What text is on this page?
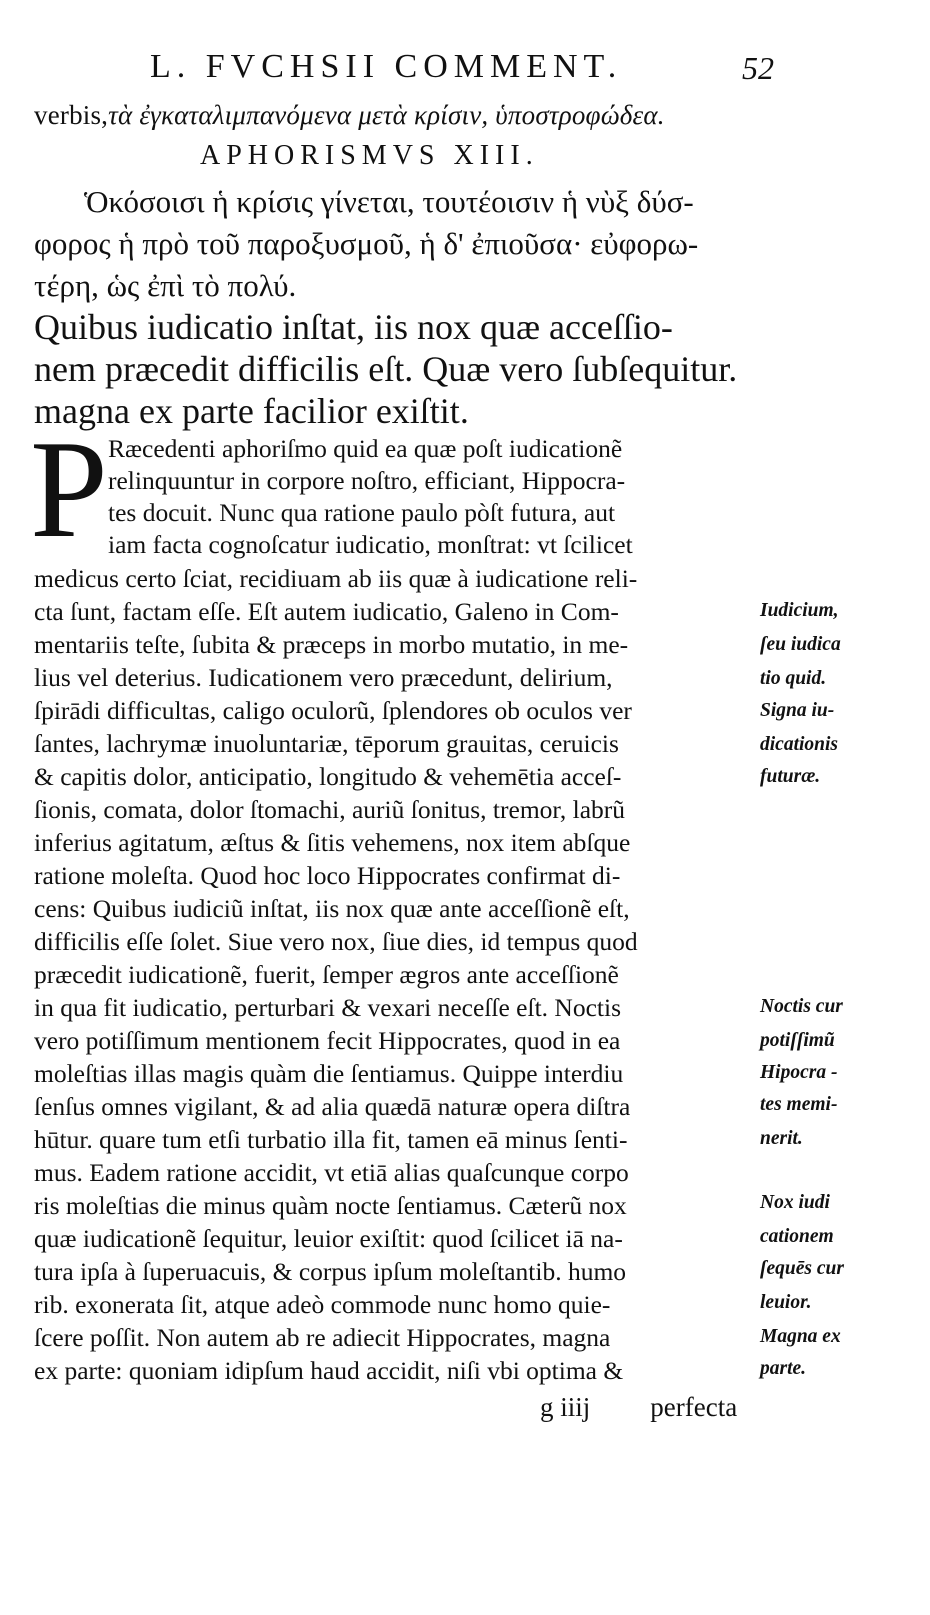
L. FVCHSII COMMENT.	52
verbis,τὰ ἐγκαταλιμπανόμενα μετὰ κρίσιν, ὑποστροφώδεα.
APHORISMVS XIII.
Ὁκόσοισι ἡ κρίσις γίνεται, τουτέοισιν ἡ νὺξ δύσ-
φορος ἡ πρὸ τοῦ παροξυσμοῦ, ἡ δ' ἐπιοῦσα· εὐφορω-
τέρη, ὡς ἐπὶ τὸ πολύ.
Quibus iudicatio inſtat, iis nox quæ acceſſio-
nem præcedit difficilis eſt. Quæ vero ſubſequitur.
magna ex parte facilior exiſtit.
P Ræcedenti aphoriſmo quid ea quæ poſt iudicationẽ
relinquuntur in corpore noſtro, efficiant, Hippocra-
tes docuit. Nunc qua ratione paulo pòſt futura, aut
iam facta cognoſcatur iudicatio, monſtrat: vt ſcilicet
medicus certo ſciat, recidiuam ab iis quæ à iudicatione reli-
cta ſunt, factam eſſe. Eſt autem iudicatio, Galeno in Com-
mentariis teſte, ſubita & præceps in morbo mutatio, in me-
lius vel deterius. Iudicationem vero præcedunt, delirium,
ſpirādi difficultas, caligo oculorũ, ſplendores ob oculos ver
ſantes, lachrymæ inuoluntariæ, tēporum grauitas, ceruicis
& capitis dolor, anticipatio, longitudo & vehemētia acceſ-
ſionis, comata, dolor ſtomachi, auriũ ſonitus, tremor, labrũ
inferius agitatum, æſtus & ſitis vehemens, nox item abſque
ratione moleſta. Quod hoc loco Hippocrates confirmat di-
cens: Quibus iudiciũ inſtat, iis nox quæ ante acceſſionẽ eſt,
difficilis eſſe ſolet. Siue vero nox, ſiue dies, id tempus quod
præcedit iudicationẽ, fuerit, ſemper ægros ante acceſſionẽ
in qua fit iudicatio, perturbari & vexari neceſſe eſt. Noctis
vero potiſſimum mentionem fecit Hippocrates, quod in ea
moleſtias illas magis quàm die ſentiamus. Quippe interdiu
ſenſus omnes vigilant, & ad alia quædā naturæ opera diſtra
hūtur. quare tum etſi turbatio illa fit, tamen eā minus ſenti-
mus. Eadem ratione accidit, vt etiā alias quaſcunque corpo
ris moleſtias die minus quàm nocte ſentiamus. Cæterũ nox
quæ iudicationẽ ſequitur, leuior exiſtit: quod ſcilicet iā na-
tura ipſa à ſuperuacuis, & corpus ipſum moleſtantib. humo
rib. exonerata ſit, atque adeò commode nunc homo quie-
ſcere poſſit. Non autem ab re adiecit Hippocrates, magna
ex parte: quoniam idipſum haud accidit, niſi vbi optima &
Iudicium,
ſeu iudica
tio quid.
Signa iu-
dicationis
futuræ.
Noctis cur
potiſſimũ
Hipocra -
tes memi-
nerit.
Nox iudi
cationem
ſequēs cur
leuior.
Magna ex
parte.
g iiij perfecta
